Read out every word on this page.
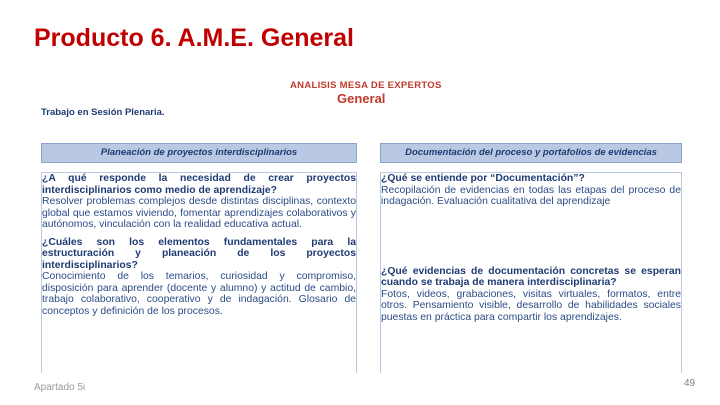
Producto 6. A.M.E. General
ANALISIS MESA DE EXPERTOS
General
Trabajo en Sesión Plenaria.
Planeación de proyectos interdisciplinarios	Documentación del proceso y portafolios de evidencias

¿A qué responde la necesidad de crear proyectos interdisciplinarios como medio de aprendizaje?

Resolver problemas complejos desde distintas disciplinas, contexto global que estamos viviendo, fomentar aprendizajes colaborativos y autónomos, vinculación con la realidad educativa actual.

¿Cuáles son los elementos fundamentales para la estructuración y planeación de los proyectos interdisciplinarios?

Conocimiento de los temarios, curiosidad y compromiso, disposición para aprender (docente y alumno) y actitud de cambio, trabajo colaborativo, cooperativo y de indagación. Glosario de conceptos y definición de los procesos.

¿Qué se entiende por “Documentación”?

Recopilación de evidencias en todas las etapas del proceso de indagación. Evaluación cualitativa del aprendizaje

¿Qué evidencias de documentación concretas se esperan cuando se trabaja de manera interdisciplinaria?

Fotos, videos, grabaciones, visitas virtuales, formatos, entre otros. Pensamiento visible, desarrollo de habilidades sociales puestas en práctica para compartir los aprendizajes.

Apartado 5i	49
